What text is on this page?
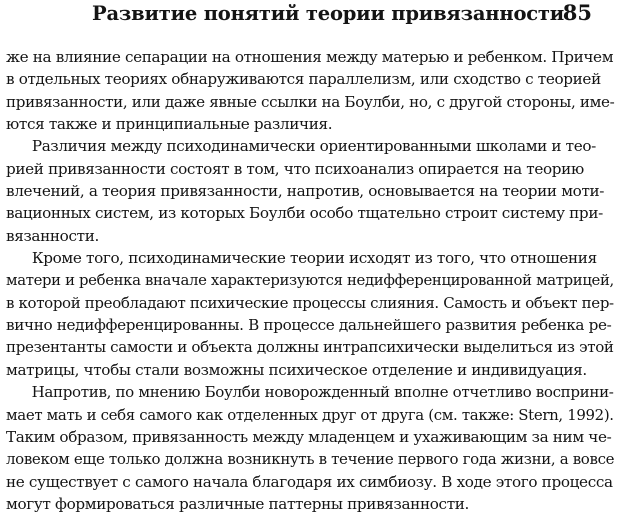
Развитие понятий теории привязанности
85
же на влияние сепарации на отношения между матерью и ребенком. Причем
в отдельных теориях обнаруживаются параллелизм, или сходство с теорией
привязанности, или даже явные ссылки на Боулби, но, с другой стороны, име-
ются также и принципиальные различия.
Различия между психодинамически ориентированными школами и тео-
рией привязанности состоят в том, что психоанализ опирается на теорию
влечений, а теория привязанности, напротив, основывается на теории моти-
вационных систем, из которых Боулби особо тщательно строит систему при-
вязанности.
Кроме того, психодинамические теории исходят из того, что отношения
матери и ребенка вначале характеризуются недифференцированной матрицей,
в которой преобладают психические процессы слияния. Самость и объект пер-
вично недифференцированны. В процессе дальнейшего развития ребенка ре-
презентанты самости и объекта должны интрапсихически выделиться из этой
матрицы, чтобы стали возможны психическое отделение и индивидуация.
Напротив, по мнению Боулби новорожденный вполне отчетливо восприни-
мает мать и себя самого как отделенных друг от друга (см. также: Stern, 1992).
Таким образом, привязанность между младенцем и ухаживающим за ним че-
ловеком еще только должна возникнуть в течение первого года жизни, а вовсе
не существует с самого начала благодаря их симбиозу. В ходе этого процесса
могут формироваться различные паттерны привязанности.
